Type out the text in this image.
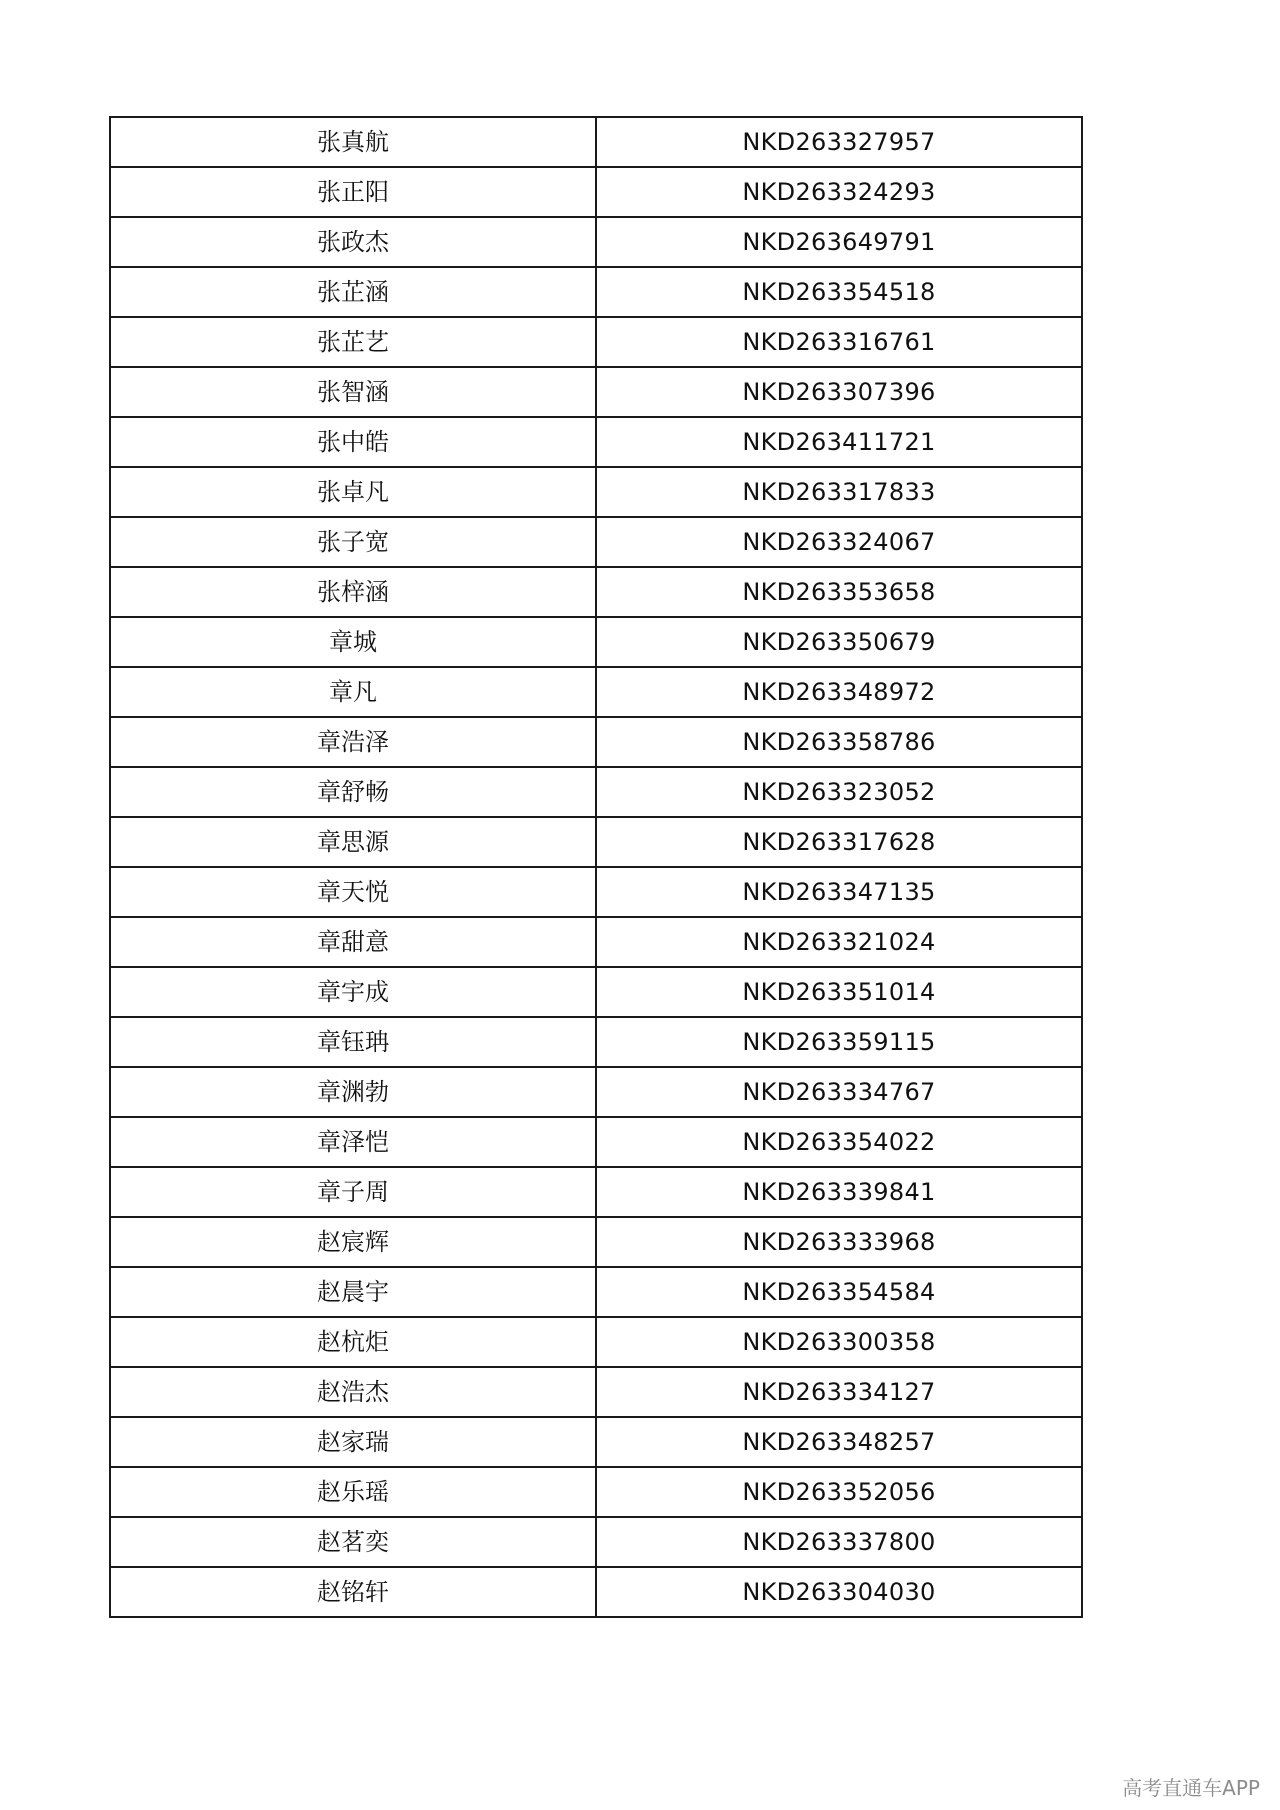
张真航	NKD263327957
张正阳	NKD263324293
张政杰	NKD263649791
张芷涵	NKD263354518
张芷艺	NKD263316761
张智涵	NKD263307396
张中皓	NKD263411721
张卓凡	NKD263317833
张子宽	NKD263324067
张梓涵	NKD263353658
章城	NKD263350679
章凡	NKD263348972
章浩泽	NKD263358786
章舒畅	NKD263323052
章思源	NKD263317628
章天悦	NKD263347135
章甜意	NKD263321024
章宇成	NKD263351014
章钰珃	NKD263359115
章渊勃	NKD263334767
章泽恺	NKD263354022
章子周	NKD263339841
赵宸辉	NKD263333968
赵晨宇	NKD263354584
赵杭炬	NKD263300358
赵浩杰	NKD263334127
赵家瑞	NKD263348257
赵乐瑶	NKD263352056
赵茗奕	NKD263337800
赵铭轩	NKD263304030
高考直通车APP
